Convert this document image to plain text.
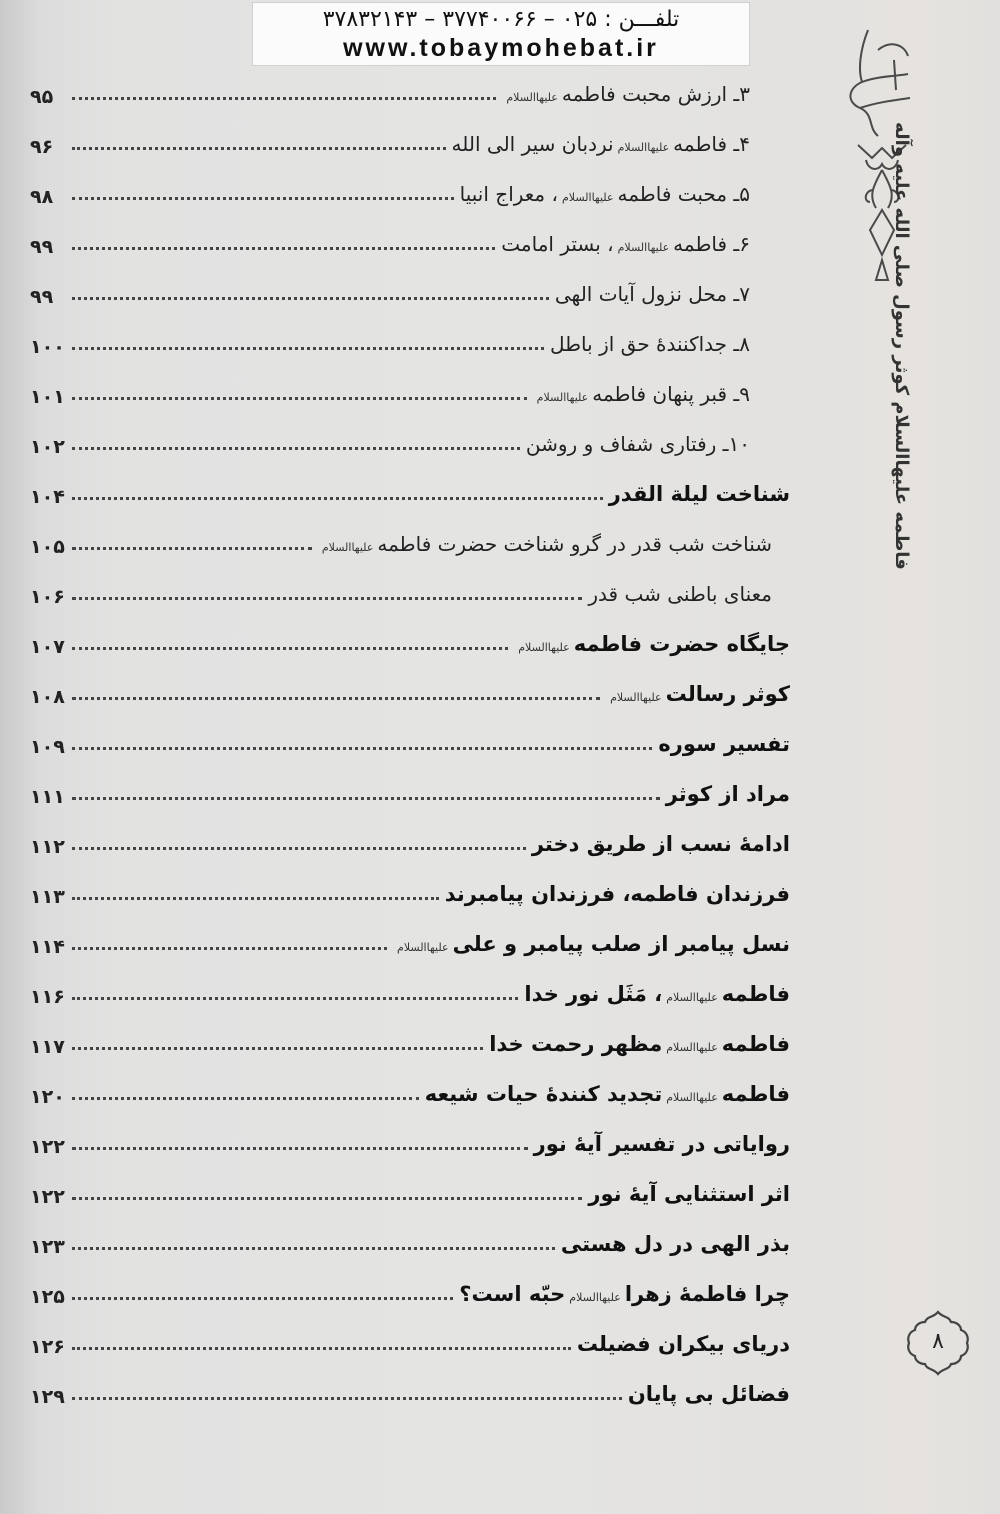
تلفـــن : ۰۲۵ – ۳۷۷۴۰۰۶۶ – ۳۷۸۳۲۱۴۳
www.tobaymohebat.ir
۳ـ ارزش محبت فاطمه
علیهاالسلام
۹۵
۴ـ فاطمه
علیهاالسلام
نردبان سیر الی الله
۹۶
۵ـ محبت فاطمه
علیهاالسلام
، معراج انبیا
۹۸
۶ـ فاطمه
علیهاالسلام
، بستر امامت
۹۹
۷ـ محل نزول آیات الهی
۹۹
۸ـ جداکنندهٔ حق از باطل
۱۰۰
۹ـ قبر پنهان فاطمه
علیهاالسلام
۱۰۱
۱۰ـ رفتاری شفاف و روشن
۱۰۲
شناخت لیلة القدر
۱۰۴
شناخت شب قدر در گرو شناخت حضرت فاطمه
علیهاالسلام
۱۰۵
معنای باطنی شب قدر
۱۰۶
جایگاه حضرت فاطمه
علیهاالسلام
۱۰۷
کوثر رسالت
علیهاالسلام
۱۰۸
تفسیر سوره
۱۰۹
مراد از کوثر
۱۱۱
ادامهٔ نسب از طریق دختر
۱۱۲
فرزندان فاطمه، فرزندان پیامبرند
۱۱۳
نسل پیامبر از صلب پیامبر و علی
علیهاالسلام
۱۱۴
فاطمه
علیهاالسلام
، مَثَل نور خدا
۱۱۶
فاطمه
علیهاالسلام
مظهر رحمت خدا
۱۱۷
فاطمه
علیهاالسلام
تجدید کنندهٔ حیات شیعه
۱۲۰
روایاتی در تفسیر آیهٔ نور
۱۲۲
اثر استثنایی آیهٔ نور
۱۲۲
بذر الهی در دل هستی
۱۲۳
چرا فاطمهٔ زهرا
علیهاالسلام
حبّه است؟
۱۲۵
دریای بیکران فضیلت
۱۲۶
فضائل بی پایان
۱۲۹
فاطمه علیهاالسلام کوثر رسول صلی الله علیه وآله
۸
